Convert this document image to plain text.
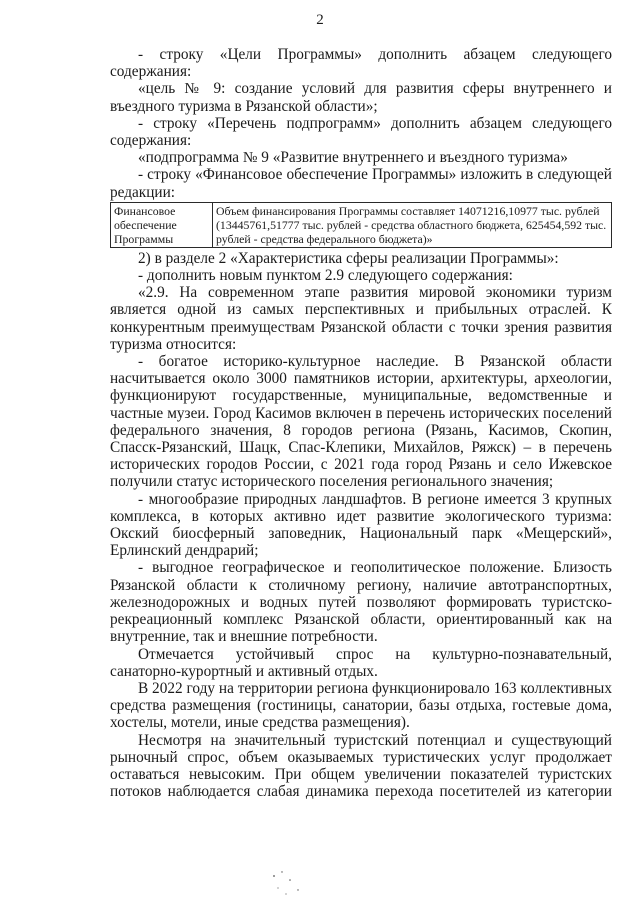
2

- строку «Цели Программы» дополнить абзацем следующего содержания:

«цель № 9: создание условий для развития сферы внутреннего и въездного туризма в Рязанской области»;

- строку «Перечень подпрограмм» дополнить абзацем следующего содержания:

«подпрограмма № 9 «Развитие внутреннего и въездного туризма»

- строку «Финансовое обеспечение Программы» изложить в следующей редакции:

Финансовое обеспечение Программы	Объем финансирования Программы составляет 14071216,10977 тыс. рублей (13445761,51777 тыс. рублей - средства областного бюджета, 625454,592 тыс. рублей - средства федерального бюджета)»

2) в разделе 2 «Характеристика сферы реализации Программы»:

- дополнить новым пунктом 2.9 следующего содержания:

«2.9. На современном этапе развития мировой экономики туризм является одной из самых перспективных и прибыльных отраслей. К конкурентным преимуществам Рязанской области с точки зрения развития туризма относится:

- богатое историко-культурное наследие. В Рязанской области насчитывается около 3000 памятников истории, архитектуры, археологии, функционируют государственные, муниципальные, ведомственные и частные музеи. Город Касимов включен в перечень исторических поселений федерального значения, 8 городов региона (Рязань, Касимов, Скопин, Спасск-Рязанский, Шацк, Спас-Клепики, Михайлов, Ряжск) – в перечень исторических городов России, с 2021 года город Рязань и село Ижевское получили статус исторического поселения регионального значения;

- многообразие природных ландшафтов. В регионе имеется 3 крупных комплекса, в которых активно идет развитие экологического туризма: Окский биосферный заповедник, Национальный парк «Мещерский», Ерлинский дендрарий;

- выгодное географическое и геополитическое положение. Близость Рязанской области к столичному региону, наличие автотранспортных, железнодорожных и водных путей позволяют формировать туристско-рекреационный комплекс Рязанской области, ориентированный как на внутренние, так и внешние потребности.

Отмечается устойчивый спрос на культурно-познавательный, санаторно-курортный и активный отдых.

В 2022 году на территории региона функционировало 163 коллективных средства размещения (гостиницы, санатории, базы отдыха, гостевые дома, хостелы, мотели, иные средства размещения).

Несмотря на значительный туристский потенциал и существующий рыночный спрос, объем оказываемых туристических услуг продолжает оставаться невысоким. При общем увеличении показателей туристских потоков наблюдается слабая динамика перехода посетителей из категории
